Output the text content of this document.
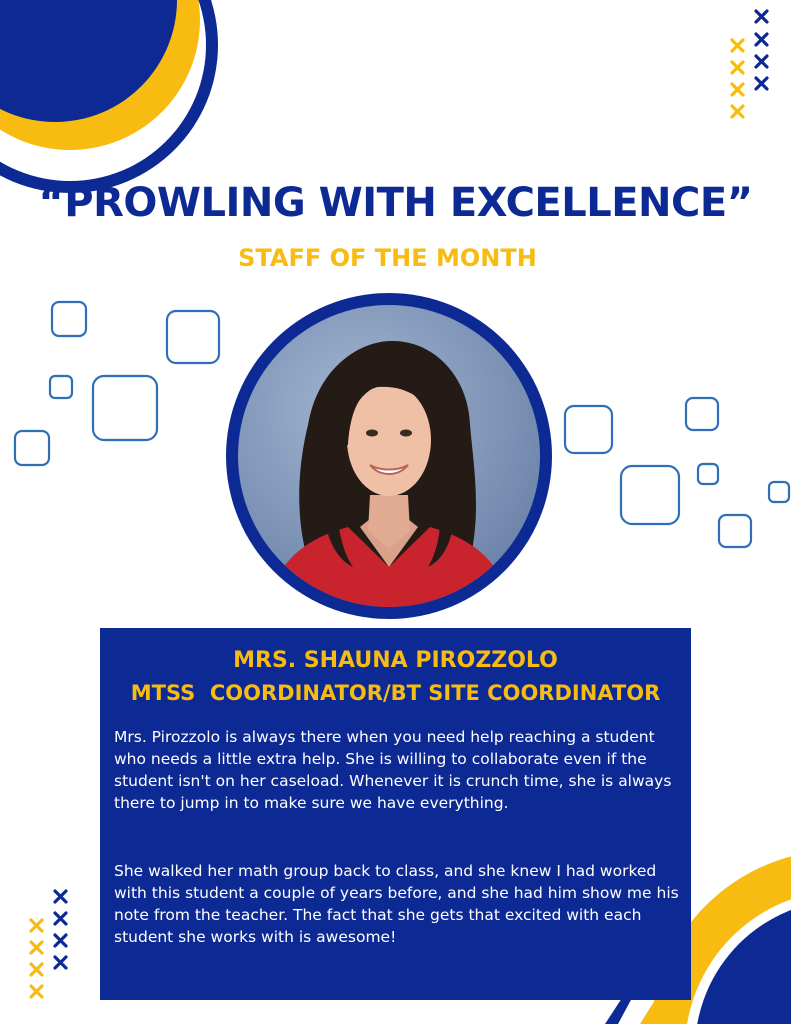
“PROWLING WITH EXCELLENCE”
STAFF OF THE MONTH
MRS. SHAUNA PIROZZOLO
MTSS  COORDINATOR/BT SITE COORDINATOR

Mrs. Pirozzolo is always there when you need help reaching a student who needs a little extra help. She is willing to collaborate even if the student isn't on her caseload. Whenever it is crunch time, she is always there to jump in to make sure we have everything.

She walked her math group back to class, and she knew I had worked with this student a couple of years before, and she had him show me his note from the teacher. The fact that she gets that excited with each student she works with is awesome!
